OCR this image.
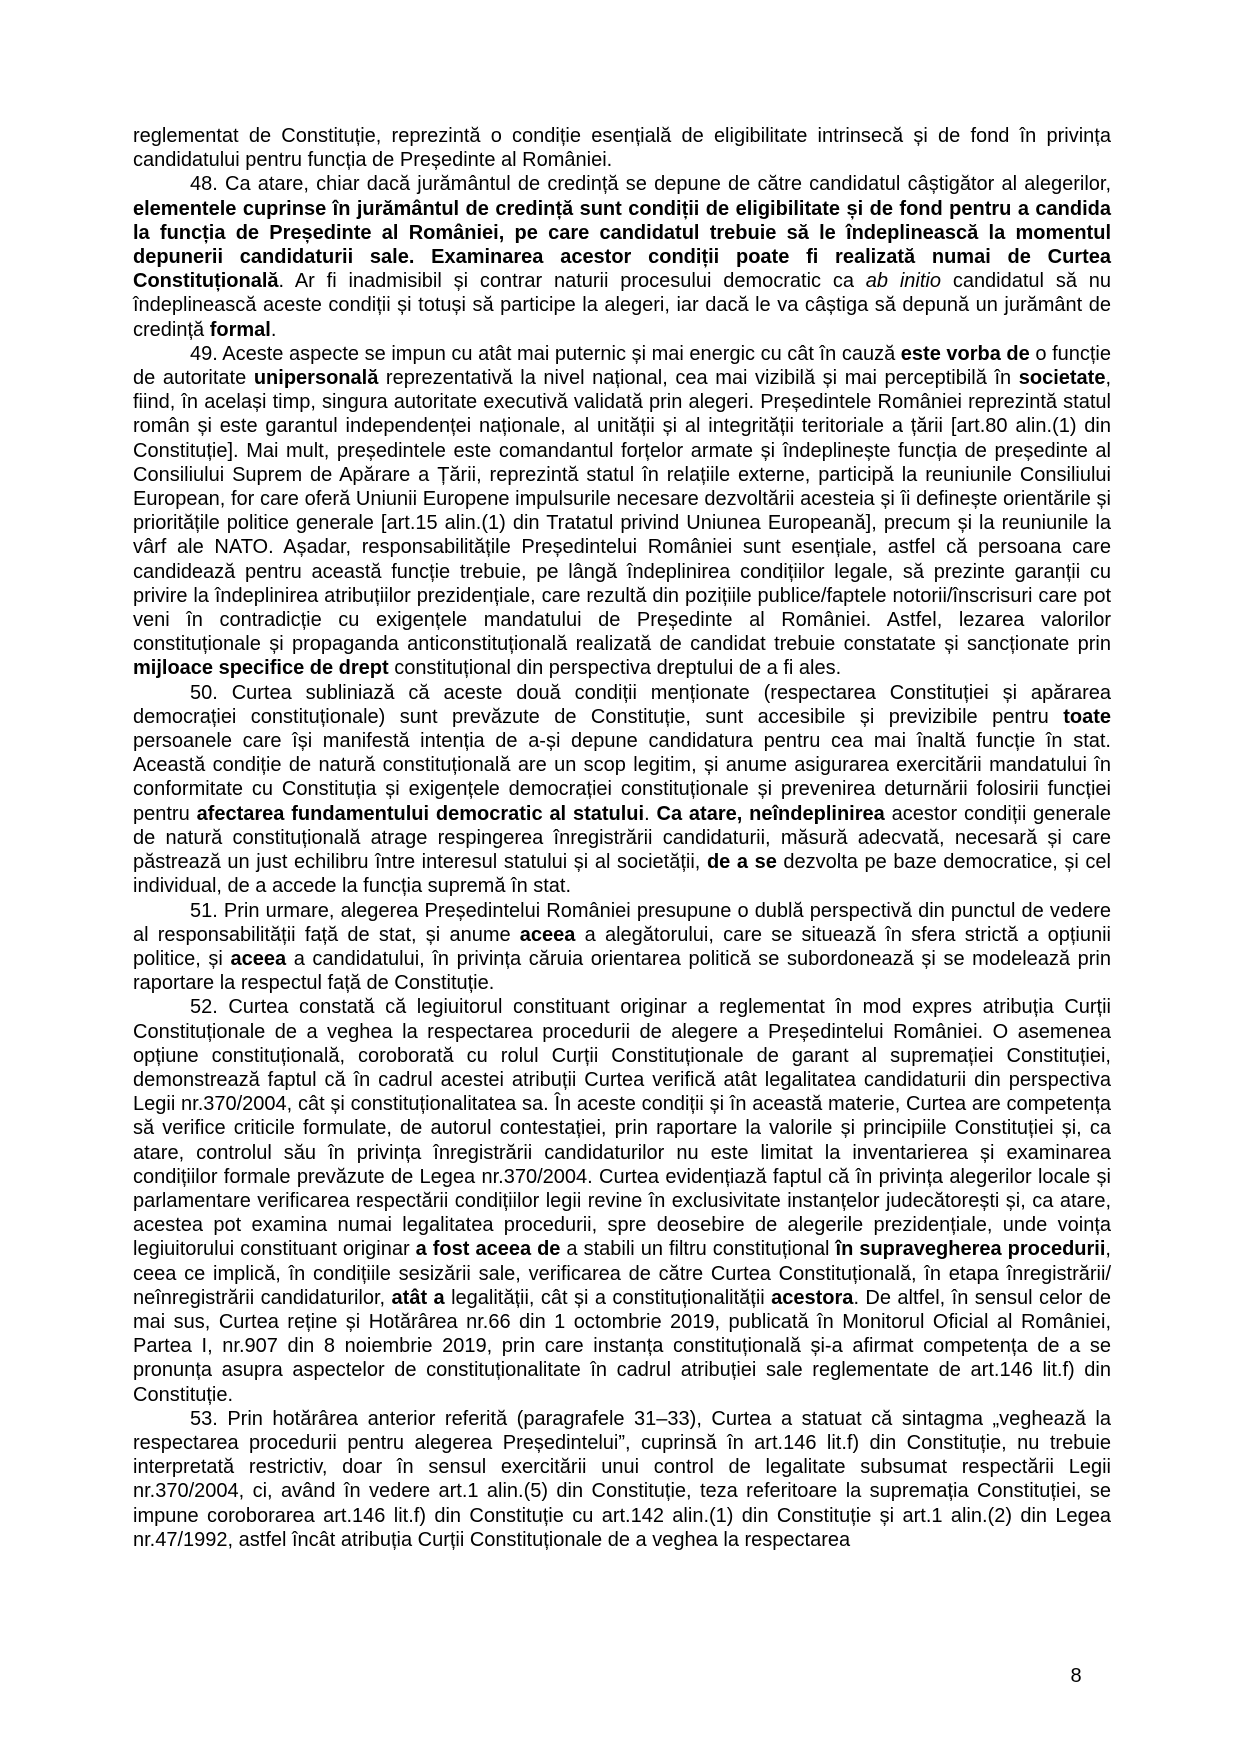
reglementat de Constituție, reprezintă o condiție esențială de eligibilitate intrinsecă și de fond în privința candidatului pentru funcția de Președinte al României.

48. Ca atare, chiar dacă jurământul de credință se depune de către candidatul câștigător al alegerilor, elementele cuprinse în jurământul de credință sunt condiții de eligibilitate și de fond pentru a candida la funcția de Președinte al României, pe care candidatul trebuie să le îndeplinească la momentul depunerii candidaturii sale. Examinarea acestor condiții poate fi realizată numai de Curtea Constituțională. Ar fi inadmisibil și contrar naturii procesului democratic ca ab initio candidatul să nu îndeplinească aceste condiții și totuși să participe la alegeri, iar dacă le va câștiga să depună un jurământ de credință formal.

49. Aceste aspecte se impun cu atât mai puternic și mai energic cu cât în cauză este vorba de o funcție de autoritate unipersonală reprezentativă la nivel național, cea mai vizibilă și mai perceptibilă în societate, fiind, în același timp, singura autoritate executivă validată prin alegeri. Președintele României reprezintă statul român și este garantul independenței naționale, al unității și al integrității teritoriale a țării [art.80 alin.(1) din Constituție]. Mai mult, președintele este comandantul forțelor armate și îndeplinește funcția de președinte al Consiliului Suprem de Apărare a Țării, reprezintă statul în relațiile externe, participă la reuniunile Consiliului European, for care oferă Uniunii Europene impulsurile necesare dezvoltării acesteia și îi definește orientările și prioritățile politice generale [art.15 alin.(1) din Tratatul privind Uniunea Europeană], precum și la reuniunile la vârf ale NATO. Așadar, responsabilitățile Președintelui României sunt esențiale, astfel că persoana care candidează pentru această funcție trebuie, pe lângă îndeplinirea condițiilor legale, să prezinte garanții cu privire la îndeplinirea atribuțiilor prezidențiale, care rezultă din pozițiile publice/faptele notorii/înscrisuri care pot veni în contradicție cu exigențele mandatului de Președinte al României. Astfel, lezarea valorilor constituționale și propaganda anticonstituțională realizată de candidat trebuie constatate și sancționate prin mijloace specifice de drept constituțional din perspectiva dreptului de a fi ales.

50. Curtea subliniază că aceste două condiții menționate (respectarea Constituției și apărarea democrației constituționale) sunt prevăzute de Constituție, sunt accesibile și previzibile pentru toate persoanele care își manifestă intenția de a-și depune candidatura pentru cea mai înaltă funcție în stat. Această condiție de natură constituțională are un scop legitim, și anume asigurarea exercitării mandatului în conformitate cu Constituția și exigențele democrației constituționale și prevenirea deturnării folosirii funcției pentru afectarea fundamentului democratic al statului. Ca atare, neîndeplinirea acestor condiții generale de natură constituțională atrage respingerea înregistrării candidaturii, măsură adecvată, necesară și care păstrează un just echilibru între interesul statului și al societății, de a se dezvolta pe baze democratice, și cel individual, de a accede la funcția supremă în stat.

51. Prin urmare, alegerea Președintelui României presupune o dublă perspectivă din punctul de vedere al responsabilității față de stat, și anume aceea a alegătorului, care se situează în sfera strictă a opțiunii politice, și aceea a candidatului, în privința căruia orientarea politică se subordonează și se modelează prin raportare la respectul față de Constituție.

52. Curtea constată că legiuitorul constituant originar a reglementat în mod expres atribuția Curții Constituționale de a veghea la respectarea procedurii de alegere a Președintelui României. O asemenea opțiune constituțională, coroborată cu rolul Curții Constituționale de garant al supremației Constituției, demonstrează faptul că în cadrul acestei atribuții Curtea verifică atât legalitatea candidaturii din perspectiva Legii nr.370/2004, cât și constituționalitatea sa. În aceste condiții și în această materie, Curtea are competența să verifice criticile formulate, de autorul contestației, prin raportare la valorile și principiile Constituției și, ca atare, controlul său în privința înregistrării candidaturilor nu este limitat la inventarierea și examinarea condițiilor formale prevăzute de Legea nr.370/2004. Curtea evidențiază faptul că în privința alegerilor locale și parlamentare verificarea respectării condițiilor legii revine în exclusivitate instanțelor judecătorești și, ca atare, acestea pot examina numai legalitatea procedurii, spre deosebire de alegerile prezidențiale, unde voința legiuitorului constituant originar a fost aceea de a stabili un filtru constituțional în supravegherea procedurii, ceea ce implică, în condițiile sesizării sale, verificarea de către Curtea Constituțională, în etapa înregistrării/ neînregistrării candidaturilor, atât a legalității, cât și a constituționalității acestora. De altfel, în sensul celor de mai sus, Curtea reține și Hotărârea nr.66 din 1 octombrie 2019, publicată în Monitorul Oficial al României, Partea I, nr.907 din 8 noiembrie 2019, prin care instanța constituțională și-a afirmat competența de a se pronunța asupra aspectelor de constituționalitate în cadrul atribuției sale reglementate de art.146 lit.f) din Constituție.

53. Prin hotărârea anterior referită (paragrafele 31–33), Curtea a statuat că sintagma „veghează la respectarea procedurii pentru alegerea Președintelui”, cuprinsă în art.146 lit.f) din Constituție, nu trebuie interpretată restrictiv, doar în sensul exercitării unui control de legalitate subsumat respectării Legii nr.370/2004, ci, având în vedere art.1 alin.(5) din Constituție, teza referitoare la supremația Constituției, se impune coroborarea art.146 lit.f) din Constituție cu art.142 alin.(1) din Constituție și art.1 alin.(2) din Legea nr.47/1992, astfel încât atribuția Curții Constituționale de a veghea la respectarea

8
